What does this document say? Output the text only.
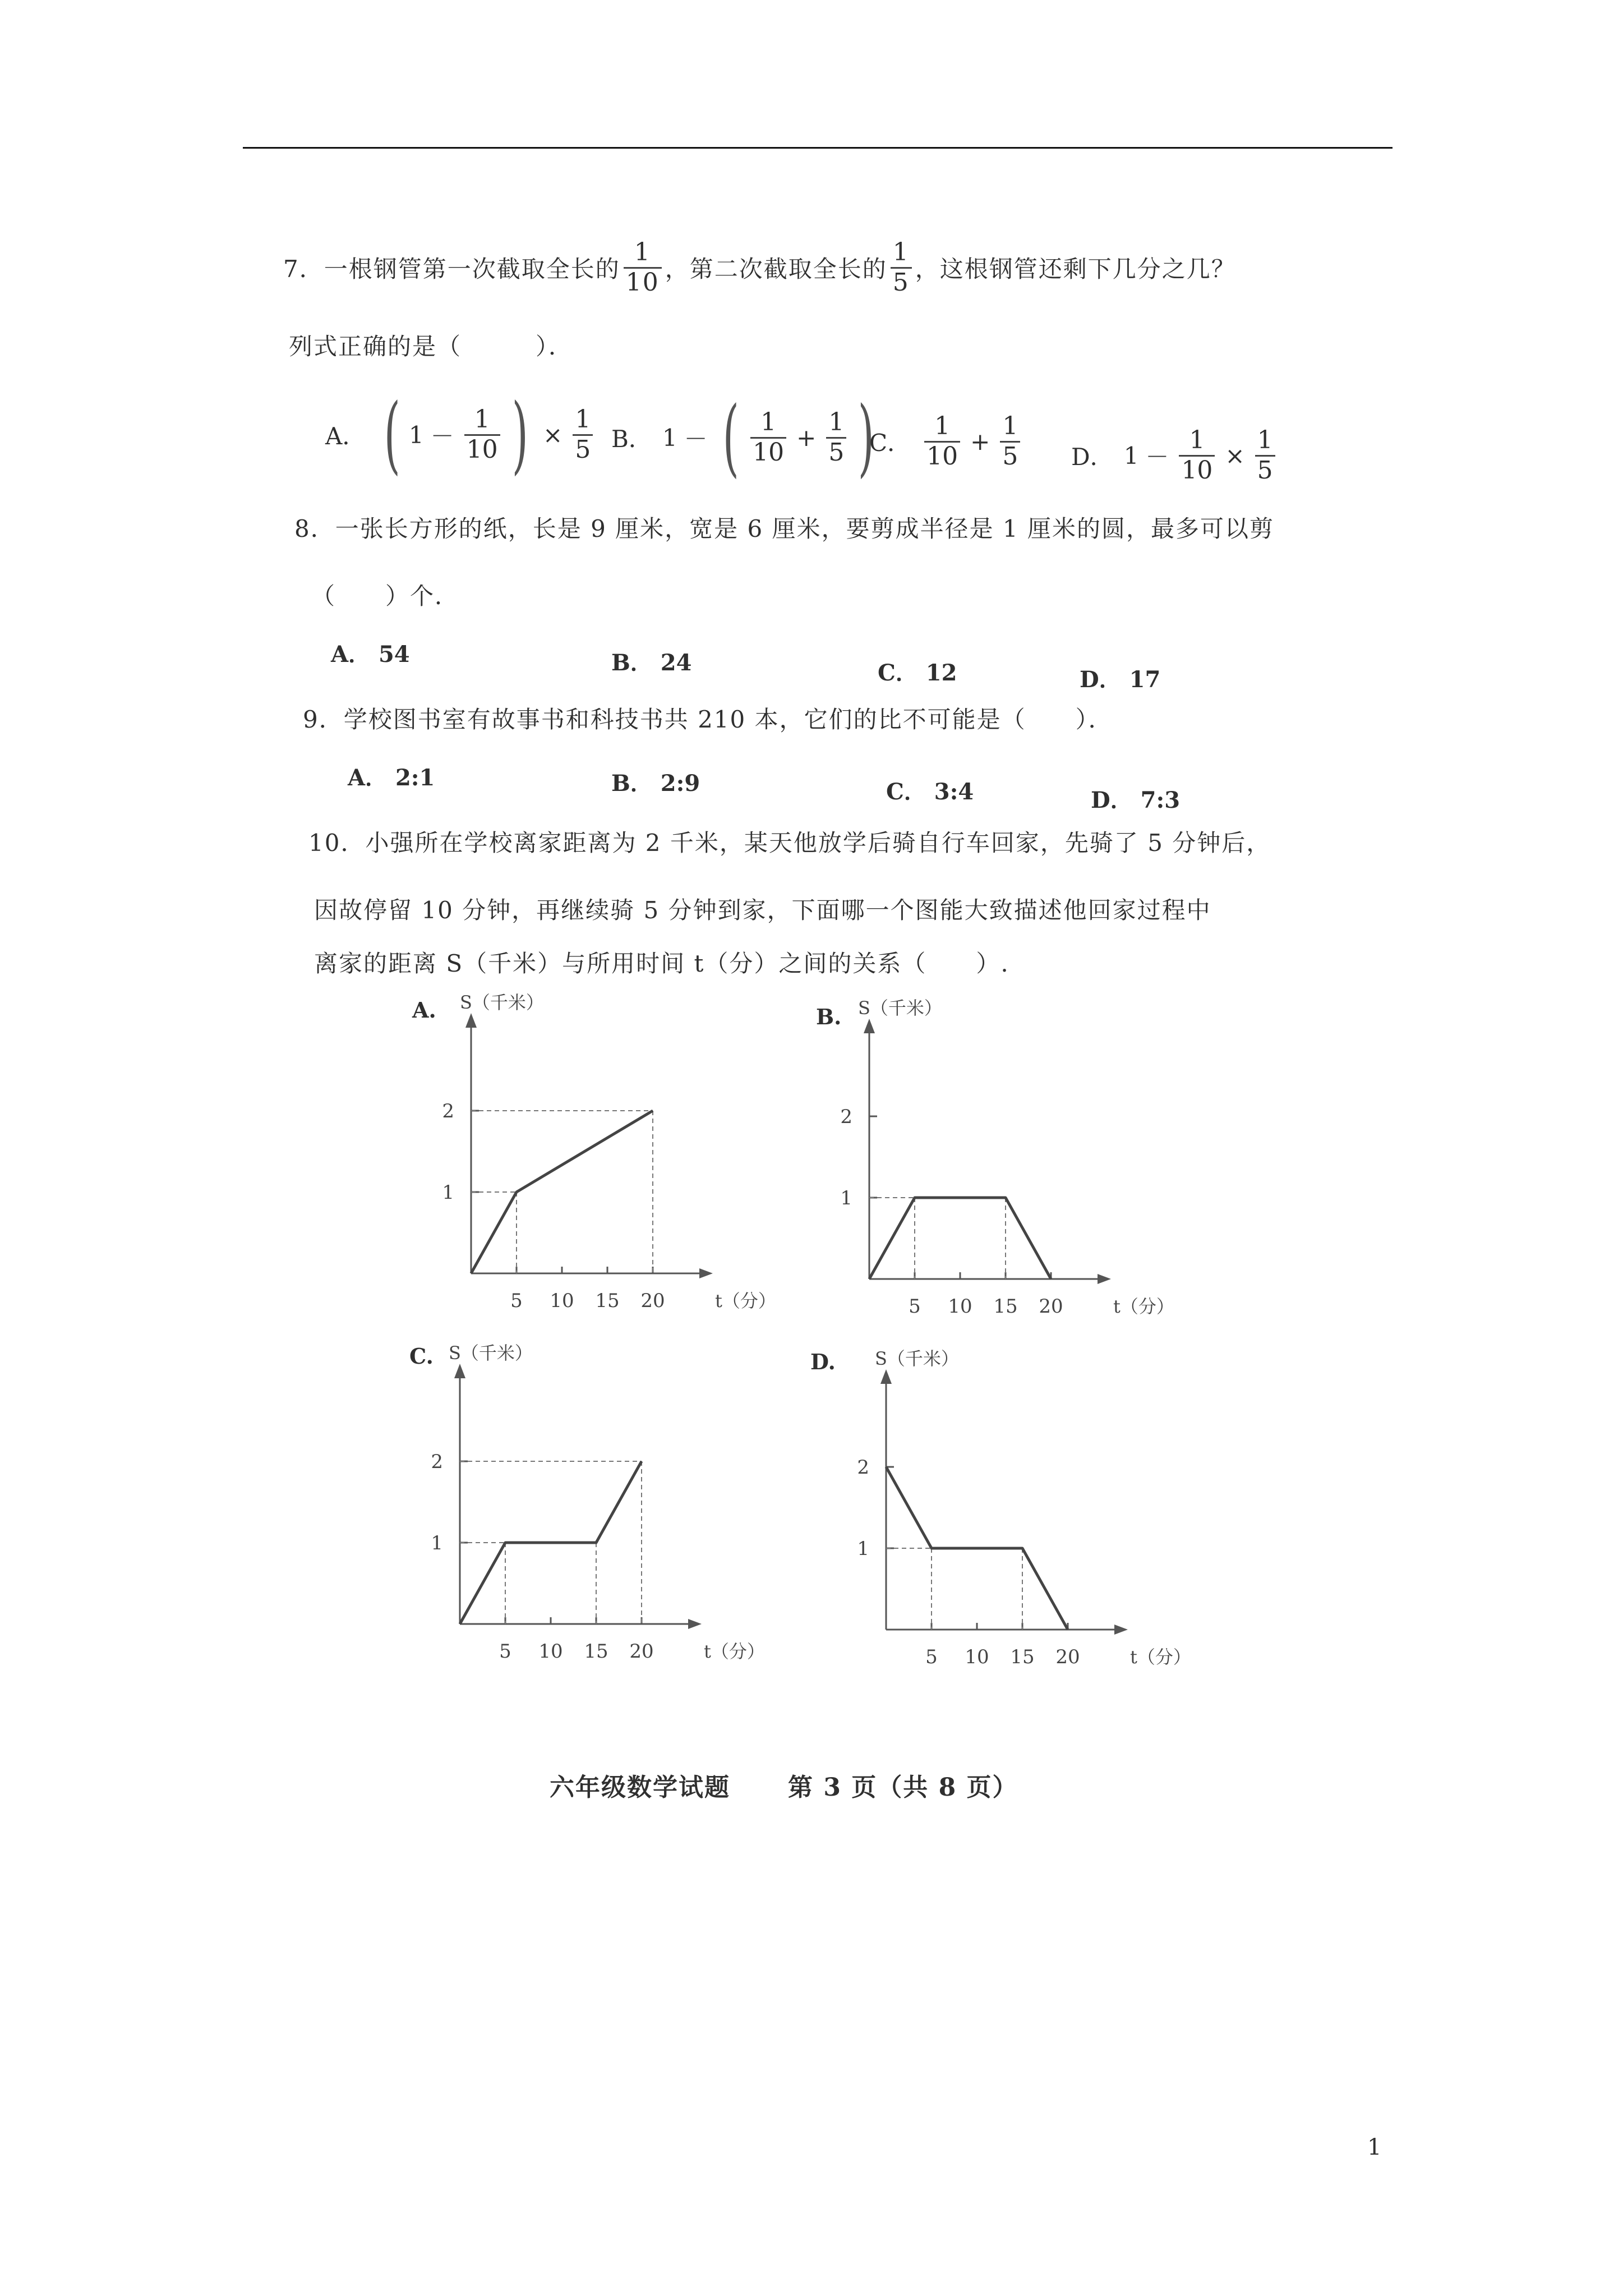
7．一根钢管第一次截取全长的 $\frac{1}{10}$ ，第二次截取全长的 $\frac{1}{5}$ ，这根钢管还剩下几分之几？
列式正确的是（　　　）．
A． ( $1 - \frac{1}{10}$ ) × $\frac{1}{5}$ B． 1 － ( $\frac{1}{10} + \frac{1}{5}$ )
C． $\frac{1}{10} + \frac{1}{5}$ D． $1 - \frac{1}{10} \times \frac{1}{5}$
8．一张长方形的纸，长是 9 厘米，宽是 6 厘米，要剪成半径是 1 厘米的圆，最多可以剪
（　　）个．
A． 54	B． 24	C． 12	D． 17
9．学校图书室有故事书和科技书共 210 本，它们的比不可能是（　　）．
A． 2:1	B． 2:9	C． 3:4	D． 7:3
10．小强所在学校离家距离为 2 千米，某天他放学后骑自行车回家，先骑了 5 分钟后，
因故停留 10 分钟，再继续骑 5 分钟到家，下面哪一个图能大致描述他回家过程中
离家的距离 S（千米）与所用时间 t（分）之间的关系（　　）.
A.	B.
C.	D.
S（千米）
5 10 15 20	t（分）
1
2
S（千米）
5 10 15 20	t（分）
1
2
S（千米）
5 10 15 20	t（分）
1
2
S（千米）
5 10 15 20	t（分）
1
2
六年级数学试题 第 3 页（共 8 页）
1
